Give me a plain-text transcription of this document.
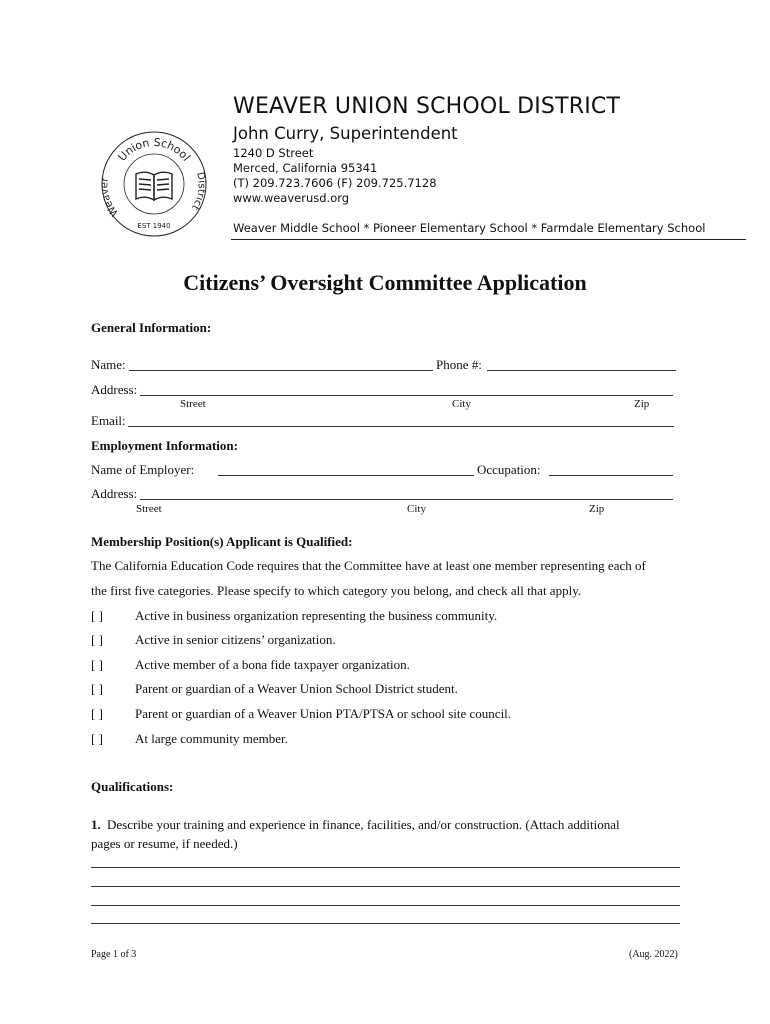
Union School
Weaver	District
EST 1940
WEAVER UNION SCHOOL DISTRICT
John Curry, Superintendent
1240 D Street
Merced, California 95341
(T) 209.723.7606 (F) 209.725.7128
www.weaverusd.org
Weaver Middle School * Pioneer Elementary School * Farmdale Elementary School
Citizens’ Oversight Committee Application
General Information:
Name:	Phone #:
Address:
Street	City	Zip
Email:
Employment Information:
Name of Employer:	Occupation:
Address:
Street	City	Zip
Membership Position(s) Applicant is Qualified:
The California Education Code requires that the Committee have at least one member representing each of
the first five categories. Please specify to which category you belong, and check all that apply.
[ ] Active in business organization representing the business community.
[ ] Active in senior citizens’ organization.
[ ] Active member of a bona fide taxpayer organization.
[ ] Parent or guardian of a Weaver Union School District student.
[ ] Parent or guardian of a Weaver Union PTA/PTSA or school site council.
[ ] At large community member.
Qualifications:
1. Describe your training and experience in finance, facilities, and/or construction. (Attach additional
pages or resume, if needed.)
Page 1 of 3	(Aug. 2022)
